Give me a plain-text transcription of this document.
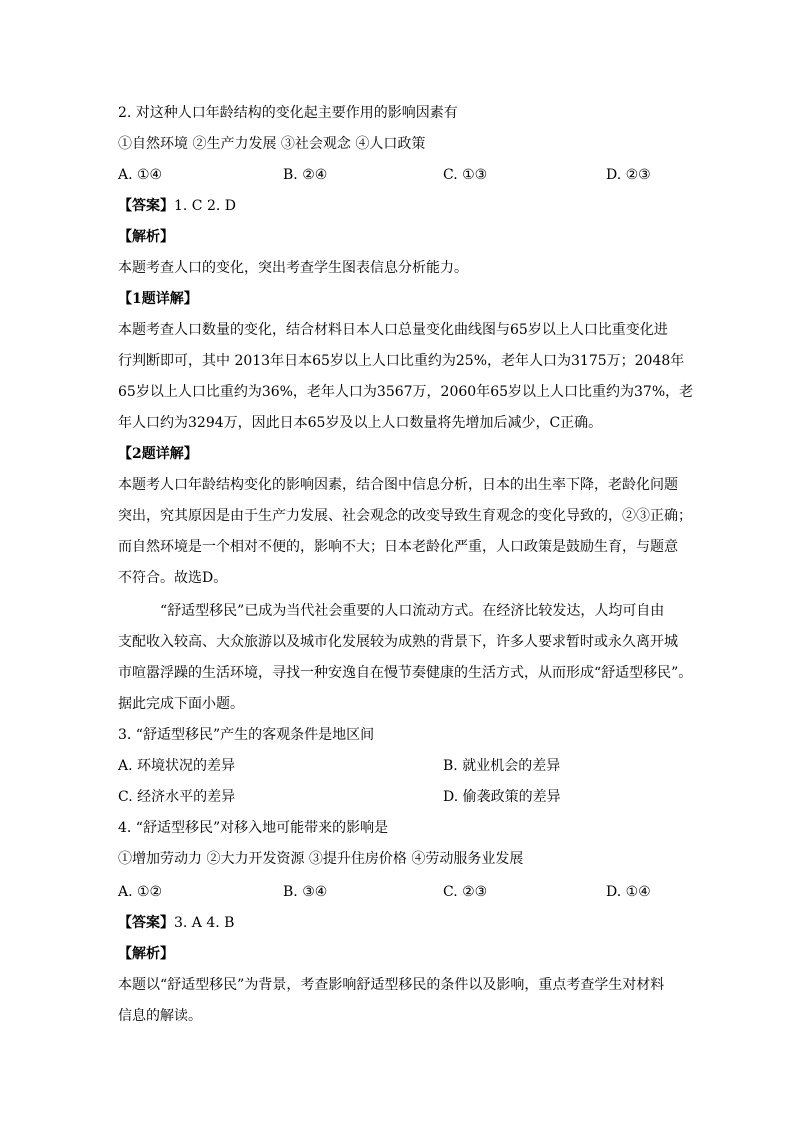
2. 对这种人口年龄结构的变化起主要作用的影响因素有
①自然环境 ②生产力发展 ③社会观念 ④人口政策
A. ①④	B. ②④	C. ①③	D. ②③
【答案】1. C 2. D
【解析】
本题考查人口的变化，突出考查学生图表信息分析能力。
【1题详解】
本题考查人口数量的变化，结合材料日本人口总量变化曲线图与65岁以上人口比重变化进
行判断即可，其中 2013年日本65岁以上人口比重约为25%，老年人口为3175万；2048年
65岁以上人口比重约为36%，老年人口为3567万，2060年65岁以上人口比重约为37%，老
年人口约为3294万，因此日本65岁及以上人口数量将先增加后减少，C正确。
【2题详解】
本题考人口年龄结构变化的影响因素，结合图中信息分析，日本的出生率下降，老龄化问题
突出，究其原因是由于生产力发展、社会观念的改变导致生育观念的变化导致的，②③正确；
而自然环境是一个相对不便的，影响不大；日本老龄化严重，人口政策是鼓励生育，与题意
不符合。故选D。
“舒适型移民”已成为当代社会重要的人口流动方式。在经济比较发达，人均可自由
支配收入较高、大众旅游以及城市化发展较为成熟的背景下，许多人要求暂时或永久离开城
市喧嚣浮躁的生活环境，寻找一种安逸自在慢节奏健康的生活方式，从而形成“舒适型移民”。
据此完成下面小题。
3. “舒适型移民”产生的客观条件是地区间
A. 环境状况的差异	B. 就业机会的差异
C. 经济水平的差异	D. 偷袭政策的差异
4. “舒适型移民”对移入地可能带来的影响是
①增加劳动力 ②大力开发资源 ③提升住房价格 ④劳动服务业发展
A. ①②	B. ③④	C. ②③	D. ①④
【答案】3. A 4. B
【解析】
本题以“舒适型移民”为背景，考查影响舒适型移民的条件以及影响，重点考查学生对材料
信息的解读。
